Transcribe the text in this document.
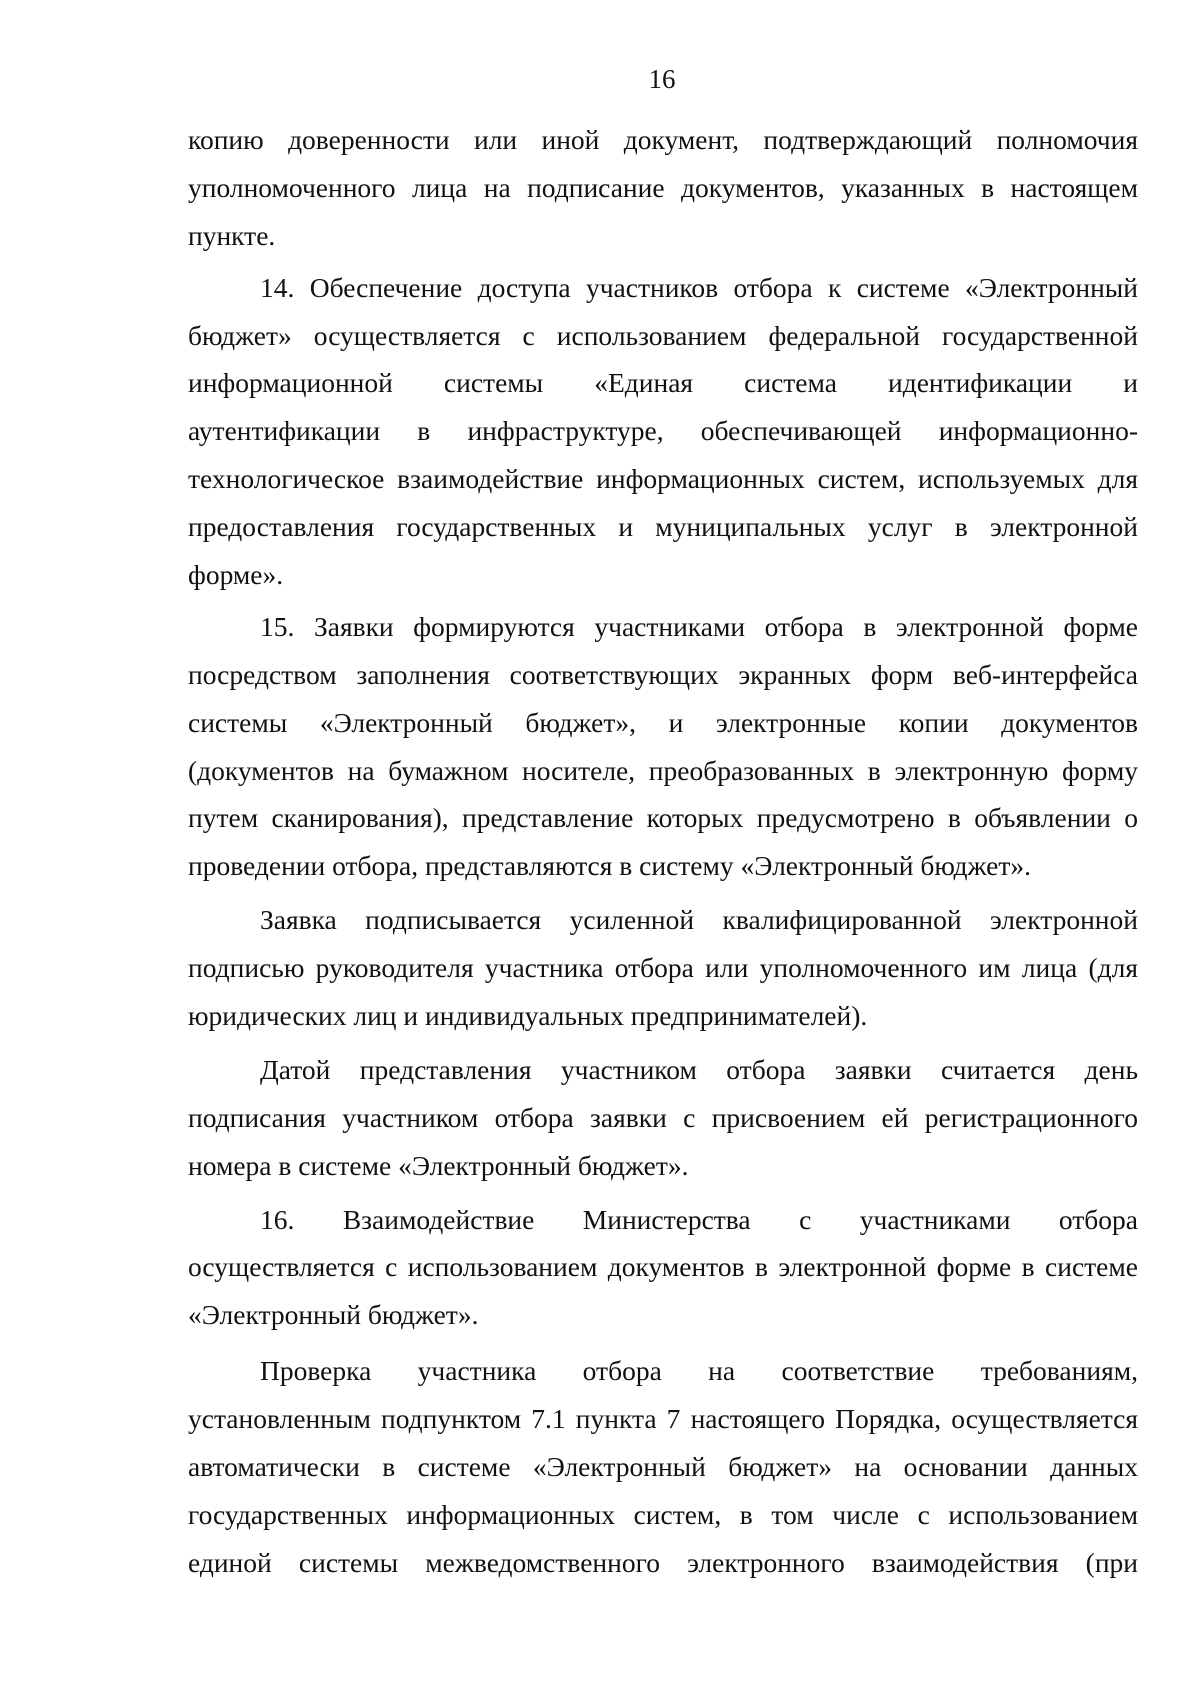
16
копию доверенности или иной документ, подтверждающий полномочия
уполномоченного лица на подписание документов, указанных в настоящем
пункте.
14. Обеспечение доступа участников отбора к системе «Электронный
бюджет» осуществляется с использованием федеральной государственной
информационной системы «Единая система идентификации и
аутентификации в инфраструктуре, обеспечивающей информационно-
технологическое взаимодействие информационных систем, используемых для
предоставления государственных и муниципальных услуг в электронной
форме».
15. Заявки формируются участниками отбора в электронной форме
посредством заполнения соответствующих экранных форм веб-интерфейса
системы «Электронный бюджет», и электронные копии документов
(документов на бумажном носителе, преобразованных в электронную форму
путем сканирования), представление которых предусмотрено в объявлении о
проведении отбора, представляются в систему «Электронный бюджет».
Заявка подписывается усиленной квалифицированной электронной
подписью руководителя участника отбора или уполномоченного им лица (для
юридических лиц и индивидуальных предпринимателей).
Датой представления участником отбора заявки считается день
подписания участником отбора заявки с присвоением ей регистрационного
номера в системе «Электронный бюджет».
16. Взаимодействие Министерства с участниками отбора
осуществляется с использованием документов в электронной форме в системе
«Электронный бюджет».
Проверка участника отбора на соответствие требованиям,
установленным подпунктом 7.1 пункта 7 настоящего Порядка, осуществляется
автоматически в системе «Электронный бюджет» на основании данных
государственных информационных систем, в том числе с использованием
единой системы межведомственного электронного взаимодействия (при
